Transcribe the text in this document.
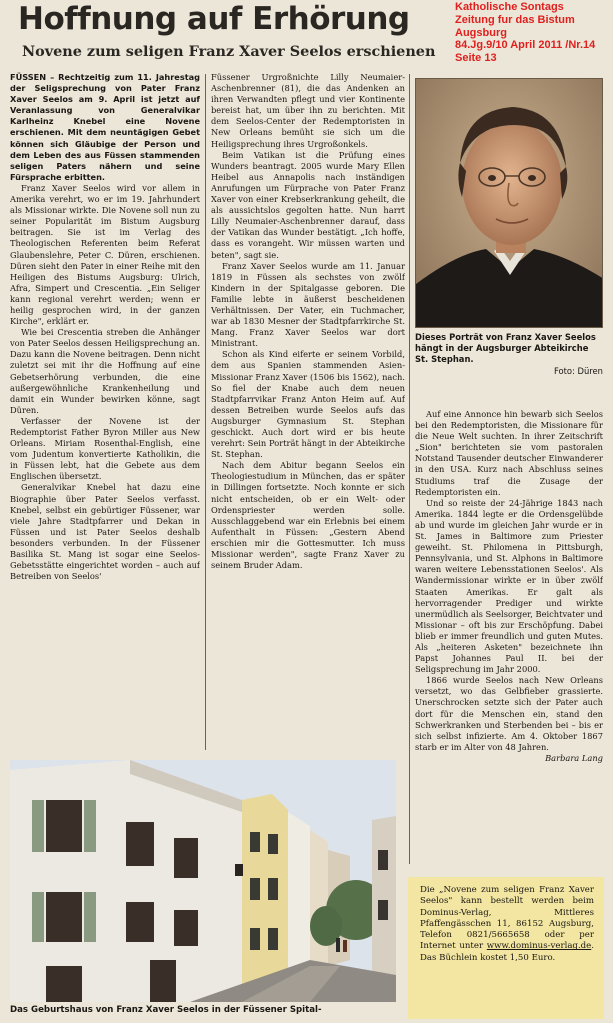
Hoffnung auf Erhörung
Novene zum seligen Franz Xaver Seelos erschienen
Katholische Sontags
Zeitung fur das Bistum
Augsburg
84.Jg.9/10 April 2011 /Nr.14
Seite 13

FÜSSEN – Rechtzeitig zum 11. Jahrestag der Seligsprechung von Pater Franz Xaver Seelos am 9. April ist jetzt auf Veranlassung von Generalvikar Karlheinz Knebel eine Novene erschienen. Mit dem neuntägigen Gebet können sich Gläubige der Person und dem Leben des aus Füssen stammenden seligen Paters nähern und seine Fürsprache erbitten.

Franz Xaver Seelos wird vor allem in Amerika verehrt, wo er im 19. Jahrhundert als Missionar wirkte. Die Novene soll nun zu seiner Popularität im Bistum Augsburg beitragen. Sie ist im Verlag des Theologischen Referenten beim Referat Glaubenslehre, Peter C. Düren, erschienen. Düren sieht den Pater in einer Reihe mit den Heiligen des Bistums Augsburg: Ulrich, Afra, Simpert und Crescentia. „Ein Seliger kann regional verehrt werden; wenn er heilig gesprochen wird, in der ganzen Kirche", erklärt er.

Wie bei Crescentia streben die Anhänger von Pater Seelos dessen Heiligsprechung an. Dazu kann die Novene beitragen. Denn nicht zuletzt sei mit ihr die Hoffnung auf eine Gebetserhörung verbunden, die eine außergewöhnliche Krankenheilung und damit ein Wunder bewirken könne, sagt Düren.

Verfasser der Novene ist der Redemptorist Father Byron Miller aus New Orleans. Miriam Rosenthal-English, eine vom Judentum konvertierte Katholikin, die in Füssen lebt, hat die Gebete aus dem Englischen übersetzt.

Generalvikar Knebel hat dazu eine Biographie über Pater Seelos verfasst. Knebel, selbst ein gebürtiger Füssener, war viele Jahre Stadtpfarrer und Dekan in Füssen und ist Pater Seelos deshalb besonders verbunden. In der Füssener Basilika St. Mang ist sogar eine Seelos-Gebetsstätte eingerichtet worden – auch auf Betreiben von Seelos'

Füssener Urgroßnichte Lilly Neumaier-Aschenbrenner (81), die das Andenken an ihren Verwandten pflegt und vier Kontinente bereist hat, um über ihn zu berichten. Mit dem Seelos-Center der Redemptoristen in New Orleans bemüht sie sich um die Heiligsprechung ihres Urgroßonkels.

Beim Vatikan ist die Prüfung eines Wunders beantragt. 2005 wurde Mary Ellen Heibel aus Annapolis nach inständigen Anrufungen um Fürprache von Pater Franz Xaver von einer Krebserkrankung geheilt, die als aussichtslos gegolten hatte. Nun harrt Lilly Neumaier-Aschenbrenner darauf, dass der Vatikan das Wunder bestätigt. „Ich hoffe, dass es vorangeht. Wir müssen warten und beten", sagt sie.

Franz Xaver Seelos wurde am 11. Januar 1819 in Füssen als sechstes von zwölf Kindern in der Spitalgasse geboren. Die Familie lebte in äußerst bescheidenen Verhältnissen. Der Vater, ein Tuchmacher, war ab 1830 Mesner der Stadtpfarrkirche St. Mang. Franz Xaver Seelos war dort Ministrant.

Schon als Kind eiferte er seinem Vorbild, dem aus Spanien stammenden Asien-Missionar Franz Xaver (1506 bis 1562), nach. So fiel der Knabe auch dem neuen Stadtpfarrvikar Franz Anton Heim auf. Auf dessen Betreiben wurde Seelos aufs das Augsburger Gymnasium St. Stephan geschickt. Auch dort wird er bis heute verehrt: Sein Porträt hängt in der Abteikirche St. Stephan.

Nach dem Abitur begann Seelos ein Theologiestudium in München, das er später in Dillingen fortsetzte. Noch konnte er sich nicht entscheiden, ob er ein Welt- oder Ordenspriester werden solle. Ausschlaggebend war ein Erlebnis bei einem Aufenthalt in Füssen: „Gestern Abend erschien mir die Gottesmutter. Ich muss Missionar werden", sagte Franz Xaver zu seinem Bruder Adam.

Dieses Porträt von Franz Xaver Seelos hängt in der Augsburger Abteikirche St. Stephan.
Foto: Düren

Auf eine Annonce hin bewarb sich Seelos bei den Redemptoristen, die Missionare für die Neue Welt suchten. In ihrer Zeitschrift „Sion" berichteten sie vom pastoralen Notstand Tausender deutscher Einwanderer in den USA. Kurz nach Abschluss seines Studiums traf die Zusage der Redemptoristen ein.

Und so reiste der 24-Jährige 1843 nach Amerika. 1844 legte er die Ordensgelübde ab und wurde im gleichen Jahr wurde er in St. James in Baltimore zum Priester geweiht. St. Philomena in Pittsburgh, Pennsylvania, und St. Alphons in Baltimore waren weitere Lebensstationen Seelos'. Als Wandermissionar wirkte er in über zwölf Staaten Amerikas. Er galt als hervorragender Prediger und wirkte unermüdlich als Seelsorger, Beichtvater und Missionar – oft bis zur Erschöpfung. Dabei blieb er immer freundlich und guten Mutes. Als „heiteren Asketen" bezeichnete ihn Papst Johannes Paul II. bei der Seligsprechung im Jahr 2000.

1866 wurde Seelos nach New Orleans versetzt, wo das Gelbfieber grassierte. Unerschrocken setzte sich der Pater auch dort für die Menschen ein, stand den Schwerkranken und Sterbenden bei – bis er sich selbst infizierte. Am 4. Oktober 1867 starb er im Alter von 48 Jahren.

Barbara Lang
Das Geburtshaus von Franz Xaver Seelos in der Füssener Spital-
Die „Novene zum seligen Franz Xaver Seelos" kann bestellt werden beim Dominus-Verlag, Mittleres Pfaffengässchen 11, 86152 Augsburg, Telefon 0821/5665658 oder per Internet unter www.dominus-verlag.de. Das Büchlein kostet 1,50 Euro.
